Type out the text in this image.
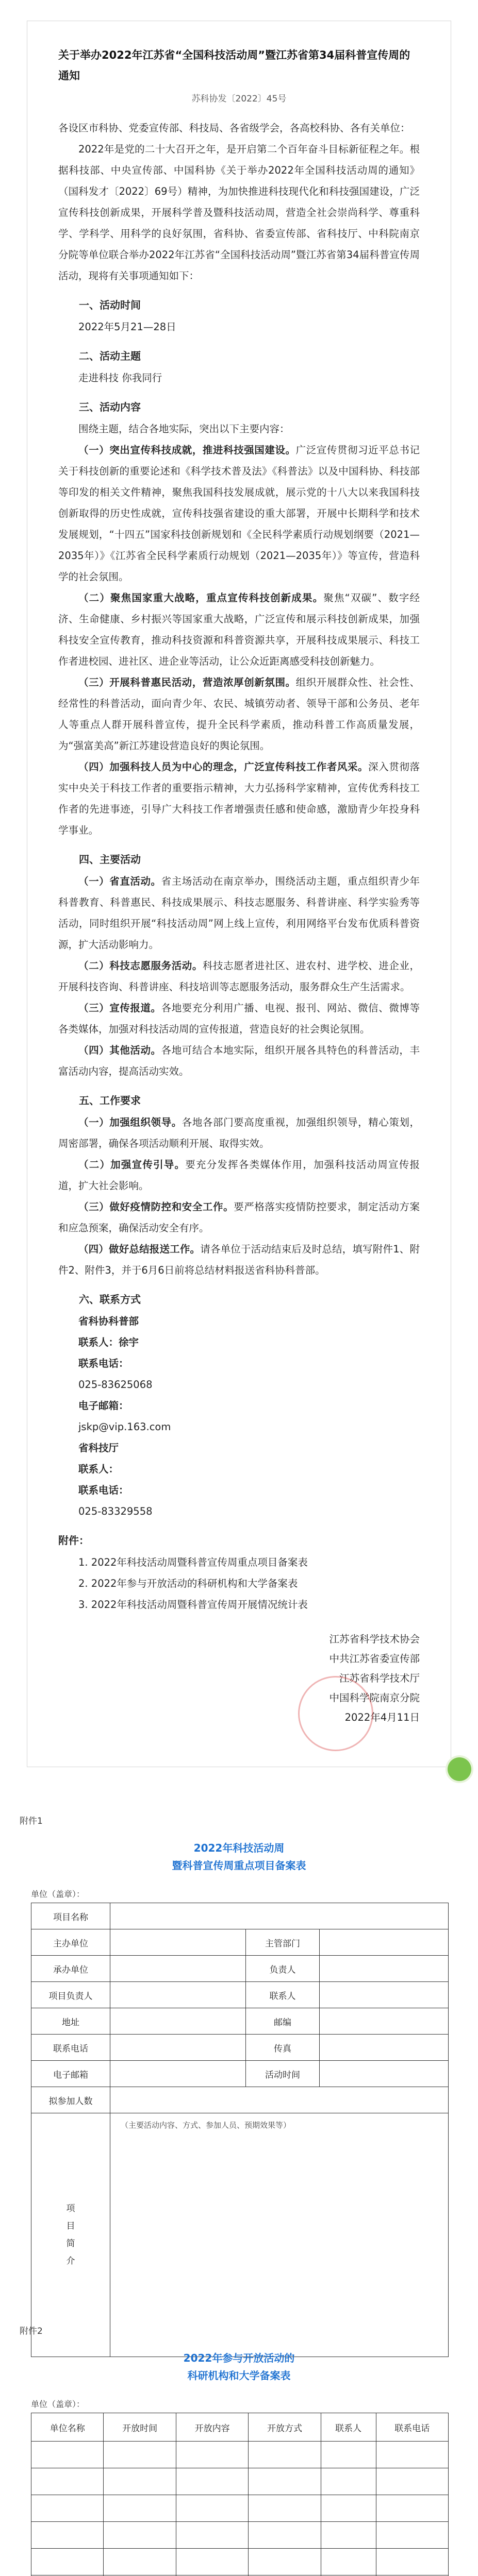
关于举办2022年江苏省“全国科技活动周”暨江苏省第34届科普宣传周的通知
苏科协发〔2022〕45号

各设区市科协、党委宣传部、科技局、各省级学会，各高校科协、各有关单位：

2022年是党的二十大召开之年，是开启第二个百年奋斗目标新征程之年。根据科技部、中央宣传部、中国科协《关于举办2022年全国科技活动周的通知》（国科发才〔2022〕69号）精神，为加快推进科技现代化和科技强国建设，广泛宣传科技创新成果，开展科学普及暨科技活动周，营造全社会崇尚科学、尊重科学、学科学、用科学的良好氛围，省科协、省委宣传部、省科技厅、中科院南京分院等单位联合举办2022年江苏省“全国科技活动周”暨江苏省第34届科普宣传周活动，现将有关事项通知如下：

一、活动时间

2022年5月21—28日

二、活动主题

走进科技 你我同行

三、活动内容

围绕主题，结合各地实际，突出以下主要内容：

（一）突出宣传科技成就，推进科技强国建设。广泛宣传贯彻习近平总书记关于科技创新的重要论述和《科学技术普及法》《科普法》以及中国科协、科技部等印发的相关文件精神，聚焦我国科技发展成就，展示党的十八大以来我国科技创新取得的历史性成就，宣传科技强省建设的重大部署，开展中长期科学和技术发展规划，“十四五”国家科技创新规划和《全民科学素质行动规划纲要（2021—2035年）》《江苏省全民科学素质行动规划（2021—2035年）》等宣传，营造科学的社会氛围。

（二）聚焦国家重大战略，重点宣传科技创新成果。聚焦“双碳”、数字经济、生命健康、乡村振兴等国家重大战略，广泛宣传和展示科技创新成果，加强科技安全宣传教育，推动科技资源和科普资源共享，开展科技成果展示、科技工作者进校园、进社区、进企业等活动，让公众近距离感受科技创新魅力。

（三）开展科普惠民活动，营造浓厚创新氛围。组织开展群众性、社会性、经常性的科普活动，面向青少年、农民、城镇劳动者、领导干部和公务员、老年人等重点人群开展科普宣传，提升全民科学素质，推动科普工作高质量发展，为“强富美高”新江苏建设营造良好的舆论氛围。

（四）加强科技人员为中心的理念，广泛宣传科技工作者风采。深入贯彻落实中央关于科技工作者的重要指示精神，大力弘扬科学家精神，宣传优秀科技工作者的先进事迹，引导广大科技工作者增强责任感和使命感，激励青少年投身科学事业。

四、主要活动

（一）省直活动。省主场活动在南京举办，围绕活动主题，重点组织青少年科普教育、科普惠民、科技成果展示、科技志愿服务、科普讲座、科学实验秀等活动，同时组织开展“科技活动周”网上线上宣传，利用网络平台发布优质科普资源，扩大活动影响力。

（二）科技志愿服务活动。科技志愿者进社区、进农村、进学校、进企业，开展科技咨询、科普讲座、科技培训等志愿服务活动，服务群众生产生活需求。

（三）宣传报道。各地要充分利用广播、电视、报刊、网站、微信、微博等各类媒体，加强对科技活动周的宣传报道，营造良好的社会舆论氛围。

（四）其他活动。各地可结合本地实际，组织开展各具特色的科普活动，丰富活动内容，提高活动实效。

五、工作要求

（一）加强组织领导。各地各部门要高度重视，加强组织领导，精心策划，周密部署，确保各项活动顺利开展、取得实效。

（二）加强宣传引导。要充分发挥各类媒体作用，加强科技活动周宣传报道，扩大社会影响。

（三）做好疫情防控和安全工作。要严格落实疫情防控要求，制定活动方案和应急预案，确保活动安全有序。

（四）做好总结报送工作。请各单位于活动结束后及时总结，填写附件1、附件2、附件3，并于6月6日前将总结材料报送省科协科普部。

六、联系方式

省科协科普部

联系人：徐宇

联系电话：

025-83625068

电子邮箱：

jskp@vip.163.com

省科技厅

联系人：

联系电话：

025-83329558

附件：

1. 2022年科技活动周暨科普宣传周重点项目备案表

2. 2022年参与开放活动的科研机构和大学备案表

3. 2022年科技活动周暨科普宣传周开展情况统计表

江苏省科学技术协会
中共江苏省委宣传部
江苏省科学技术厅
中国科学院南京分院
2022年4月11日
附件1
2022年科技活动周
暨科普宣传周重点项目备案表
单位（盖章）：
项目名称			
主办单位		主管部门	
承办单位		负责人	
项目负责人		联系人	
地址		邮编	
联系电话		传真	
电子邮箱		活动时间	
拟参加人数			

项
目
简
介	（主要活动内容、方式、参加人员、预期效果等）		
附件2
2022年参与开放活动的
科研机构和大学备案表
单位（盖章）：
单位名称	开放时间	开放内容	开放方式	联系人	联系电话
